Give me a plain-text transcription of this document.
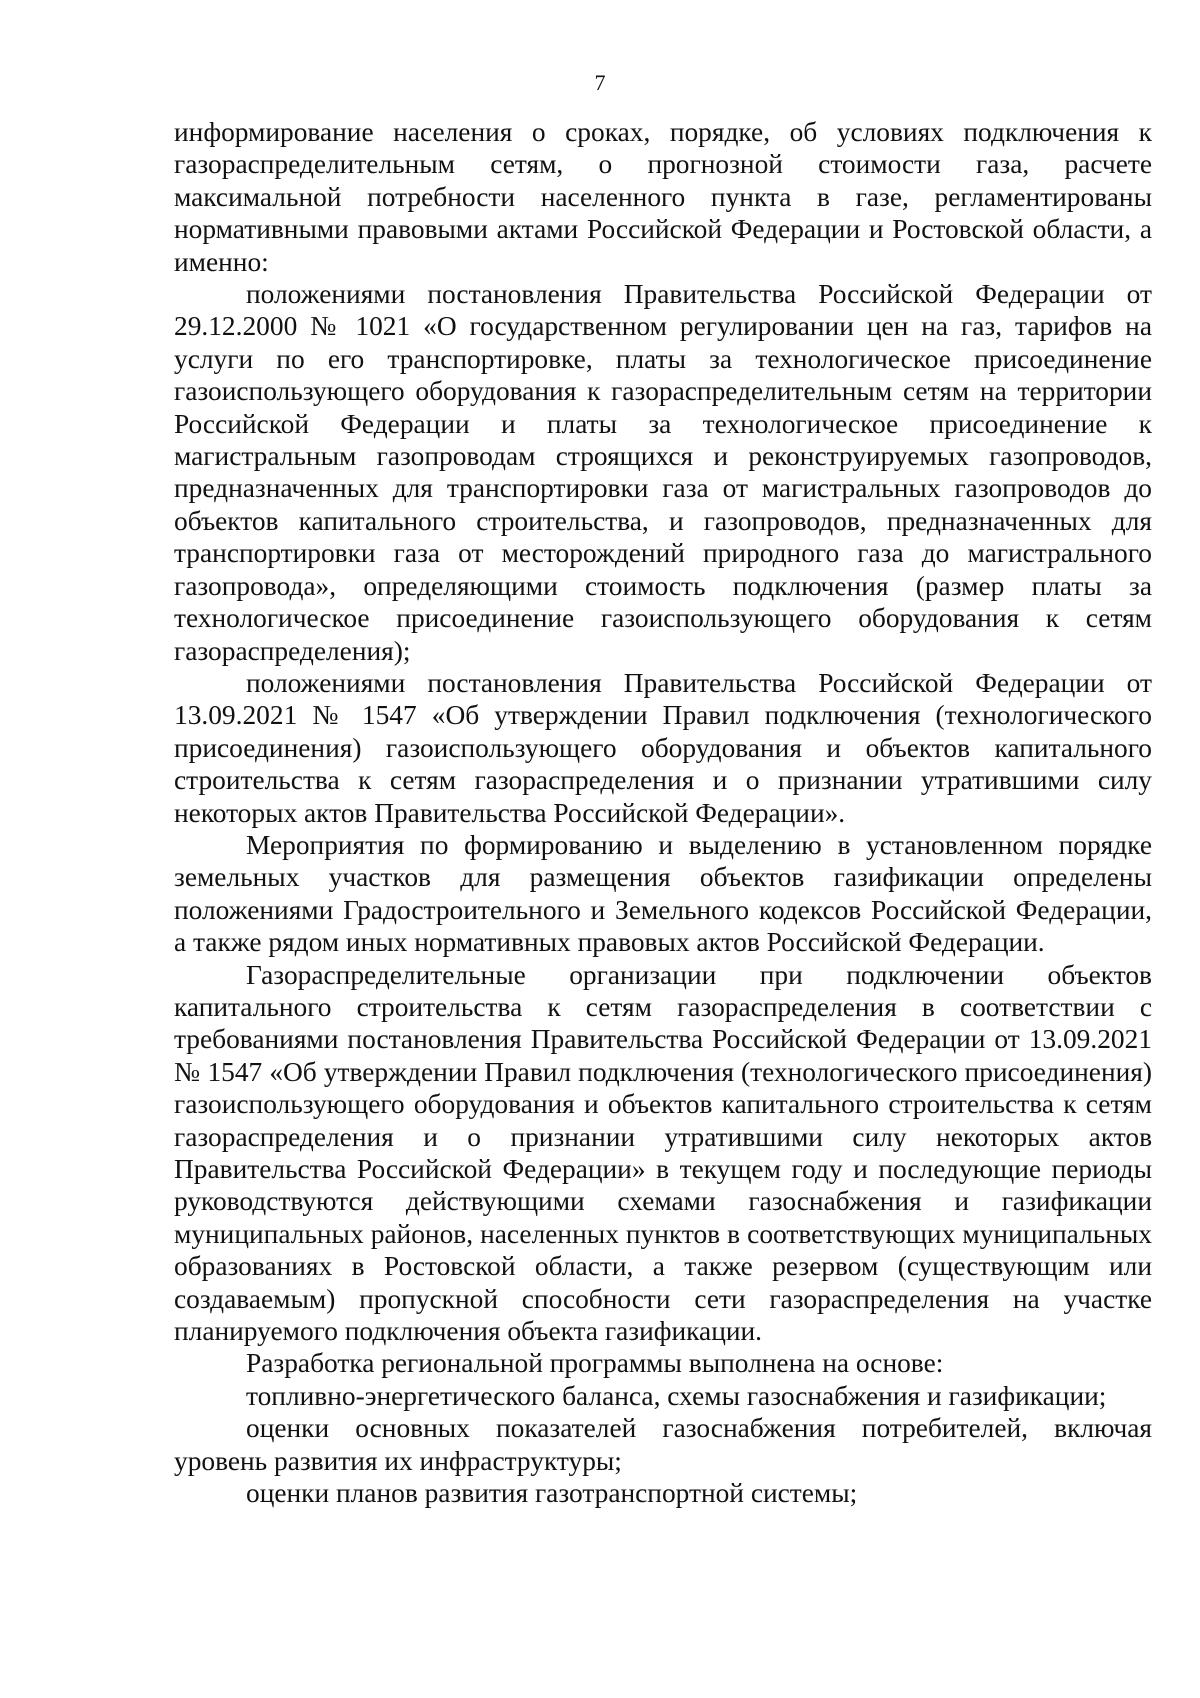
7

информирование населения о сроках, порядке, об условиях подключения к газораспределительным сетям, о прогнозной стоимости газа, расчете максимальной потребности населенного пункта в газе, регламентированы нормативными правовыми актами Российской Федерации и Ростовской области, а именно:

положениями постановления Правительства Российской Федерации от 29.12.2000 № 1021 «О государственном регулировании цен на газ, тарифов на услуги по его транспортировке, платы за технологическое присоединение газоиспользующего оборудования к газораспределительным сетям на территории Российской Федерации и платы за технологическое присоединение к магистральным газопроводам строящихся и реконструируемых газопроводов, предназначенных для транспортировки газа от магистральных газопроводов до объектов капитального строительства, и газопроводов, предназначенных для транспортировки газа от месторождений природного газа до магистрального газопровода», определяющими стоимость подключения (размер платы за технологическое присоединение газоиспользующего оборудования к сетям газораспределения);

положениями постановления Правительства Российской Федерации от 13.09.2021 № 1547 «Об утверждении Правил подключения (технологического присоединения) газоиспользующего оборудования и объектов капитального строительства к сетям газораспределения и о признании утратившими силу некоторых актов Правительства Российской Федерации».

Мероприятия по формированию и выделению в установленном порядке земельных участков для размещения объектов газификации определены положениями Градостроительного и Земельного кодексов Российской Федерации, а также рядом иных нормативных правовых актов Российской Федерации.

Газораспределительные организации при подключении объектов капитального строительства к сетям газораспределения в соответствии с требованиями постановления Правительства Российской Федерации от 13.09.2021 № 1547 «Об утверждении Правил подключения (технологического присоединения) газоиспользующего оборудования и объектов капитального строительства к сетям газораспределения и о признании утратившими силу некоторых актов Правительства Российской Федерации» в текущем году и последующие периоды руководствуются действующими схемами газоснабжения и газификации муниципальных районов, населенных пунктов в соответствующих муниципальных образованиях в Ростовской области, а также резервом (существующим или создаваемым) пропускной способности сети газораспределения на участке планируемого подключения объекта газификации.

Разработка региональной программы выполнена на основе:

топливно-энергетического баланса, схемы газоснабжения и газификации;

оценки основных показателей газоснабжения потребителей, включая уровень развития их инфраструктуры;

оценки планов развития газотранспортной системы;
